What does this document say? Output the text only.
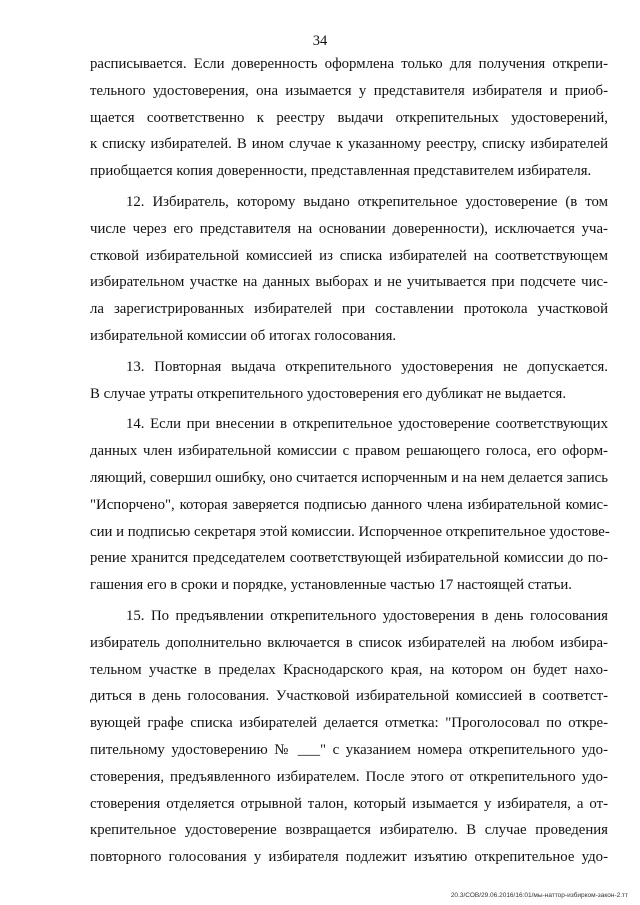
34
расписывается. Если доверенность оформлена только для получения открепи-
тельного удостоверения, она изымается у представителя избирателя и приоб-
щается соответственно к реестру выдачи открепительных удостоверений,
к списку избирателей. В ином случае к указанному реестру, списку избирателей
приобщается копия доверенности, представленная представителем избирателя.
12. Избиратель, которому выдано открепительное удостоверение (в том
числе через его представителя на основании доверенности), исключается уча-
стковой избирательной комиссией из списка избирателей на соответствующем
избирательном участке на данных выборах и не учитывается при подсчете чис-
ла зарегистрированных избирателей при составлении протокола участковой
избирательной комиссии об итогах голосования.
13. Повторная выдача открепительного удостоверения не допускается.
В случае утраты открепительного удостоверения его дубликат не выдается.
14. Если при внесении в открепительное удостоверение соответствующих
данных член избирательной комиссии с правом решающего голоса, его оформ-
ляющий, совершил ошибку, оно считается испорченным и на нем делается запись
"Испорчено", которая заверяется подписью данного члена избирательной комис-
сии и подписью секретаря этой комиссии. Испорченное открепительное удостове-
рение хранится председателем соответствующей избирательной комиссии до по-
гашения его в сроки и порядке, установленные частью 17 настоящей статьи.
15. По предъявлении открепительного удостоверения в день голосования
избиратель дополнительно включается в список избирателей на любом избира-
тельном участке в пределах Краснодарского края, на котором он будет нахо-
диться в день голосования. Участковой избирательной комиссией в соответст-
вующей графе списка избирателей делается отметка: "Проголосовал по откре-
пительному удостоверению № ___" с указанием номера открепительного удо-
стоверения, предъявленного избирателем. После этого от открепительного удо-
стоверения отделяется отрывной талон, который изымается у избирателя, а от-
крепительное удостоверение возвращается избирателю. В случае проведения
повторного голосования у избирателя подлежит изъятию открепительное удо-
20.3/СОВ/29.06.2016/16:01/мы-наттор-избирком-закон-2.тт
